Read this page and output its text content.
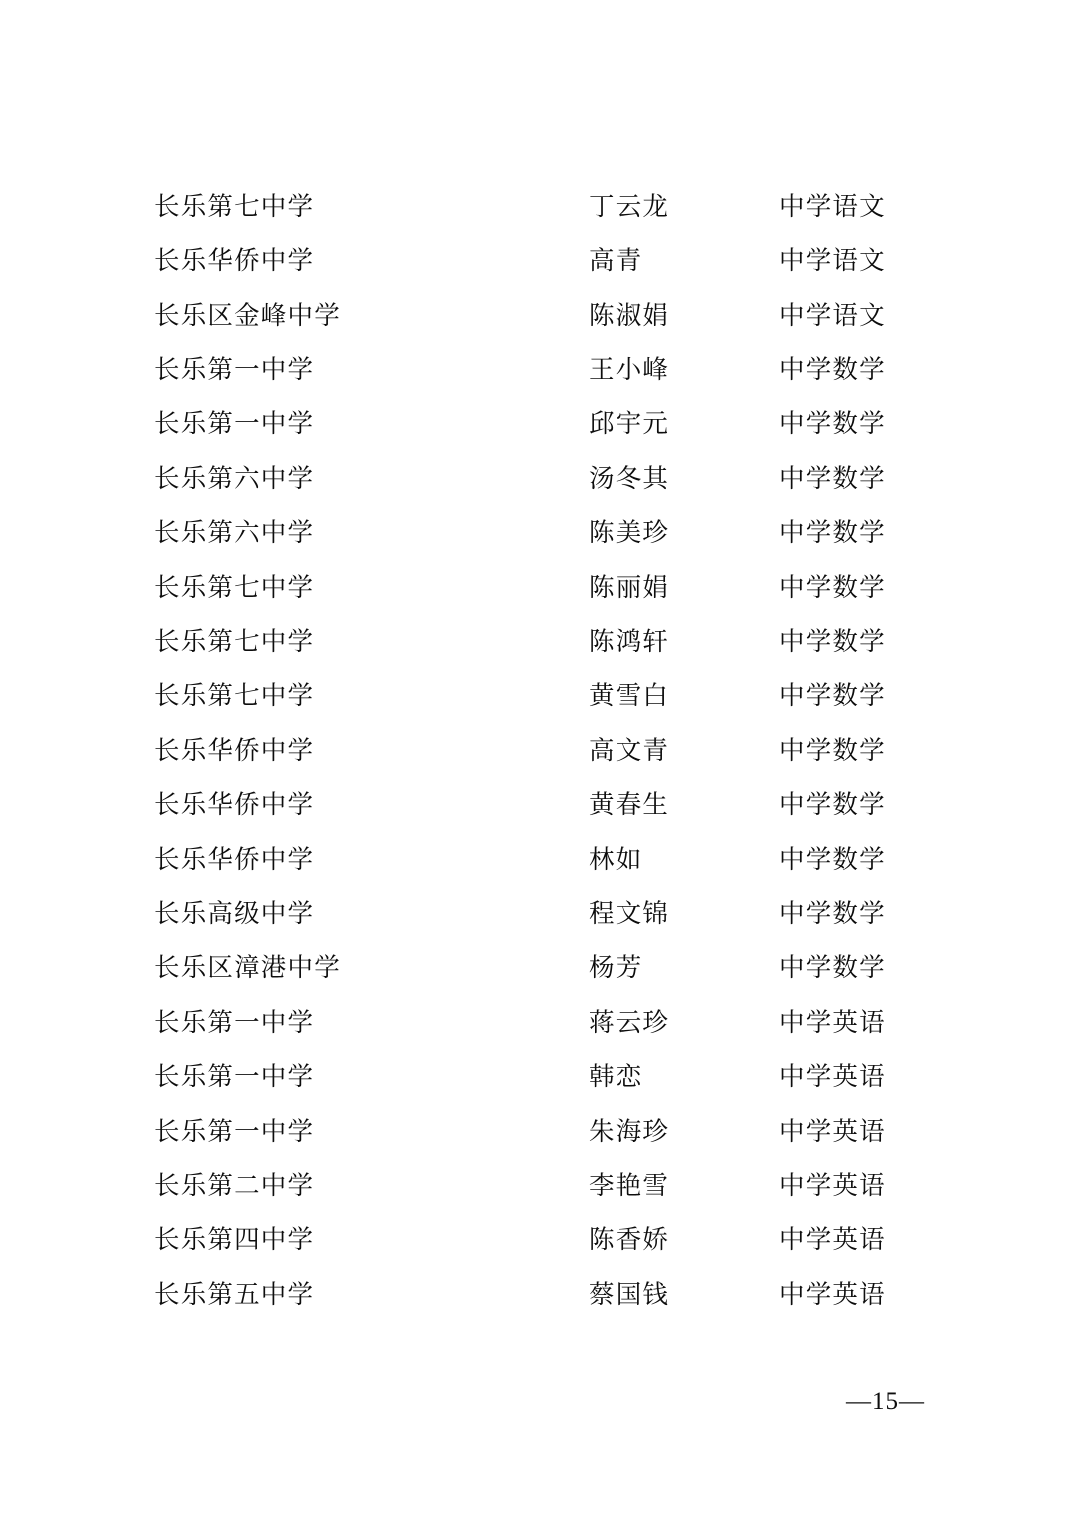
长乐第七中学	丁云龙	中学语文
长乐华侨中学	高青	中学语文
长乐区金峰中学	陈淑娟	中学语文
长乐第一中学	王小峰	中学数学
长乐第一中学	邱宇元	中学数学
长乐第六中学	汤冬其	中学数学
长乐第六中学	陈美珍	中学数学
长乐第七中学	陈丽娟	中学数学
长乐第七中学	陈鸿轩	中学数学
长乐第七中学	黄雪白	中学数学
长乐华侨中学	高文青	中学数学
长乐华侨中学	黄春生	中学数学
长乐华侨中学	林如	中学数学
长乐高级中学	程文锦	中学数学
长乐区漳港中学	杨芳	中学数学
长乐第一中学	蒋云珍	中学英语
长乐第一中学	韩恋	中学英语
长乐第一中学	朱海珍	中学英语
长乐第二中学	李艳雪	中学英语
长乐第四中学	陈香娇	中学英语
长乐第五中学	蔡国钱	中学英语
—15—
